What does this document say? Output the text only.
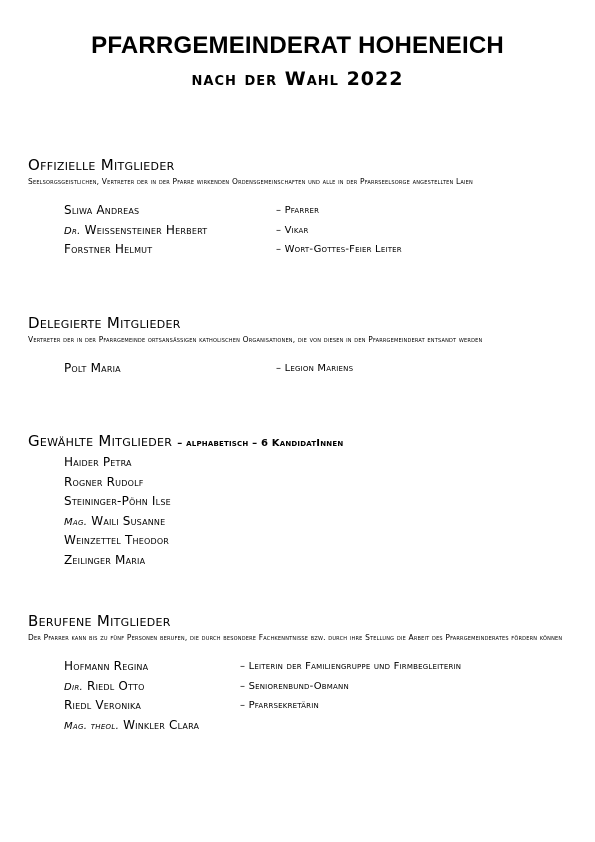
PFARRGEMEINDERAT HOHENEICH
nach der Wahl 2022
Offizielle Mitglieder
Seelsorgsgeistlichen, Vertreter der in der Pfarre wirkenden Ordensgemeinschaften und alle in der Pfarrseelsorge angestellten Laien
Sliwa Andreas	– Pfarrer
Dr. Weissensteiner Herbert	– Vikar
Forstner Helmut	– Wort-Gottes-Feier Leiter
Delegierte Mitglieder
Vertreter der in der Pfarrgemeinde ortsansässigen katholischen Organisationen, die von diesen in den Pfarrgemeinderat entsandt werden
Polt Maria	– Legion Mariens
Gewählte Mitglieder – alphabetisch – 6 KandidatInnen
Haider Petra
Rogner Rudolf
Steininger-Pöhn Ilse
Mag. Waili Susanne
Weinzettel Theodor
Zeilinger Maria
Berufene Mitglieder
Der Pfarrer kann bis zu fünf Personen berufen, die durch besondere Fachkenntnisse bzw. durch ihre Stellung die Arbeit des Pfarrgemeinderates fördern können
Hofmann Regina	– Leiterin der Familiengruppe und Firmbegleiterin
Dir. Riedl Otto	– Seniorenbund-Obmann
Riedl Veronika	– Pfarrsekretärin
Mag. theol. Winkler Clara
